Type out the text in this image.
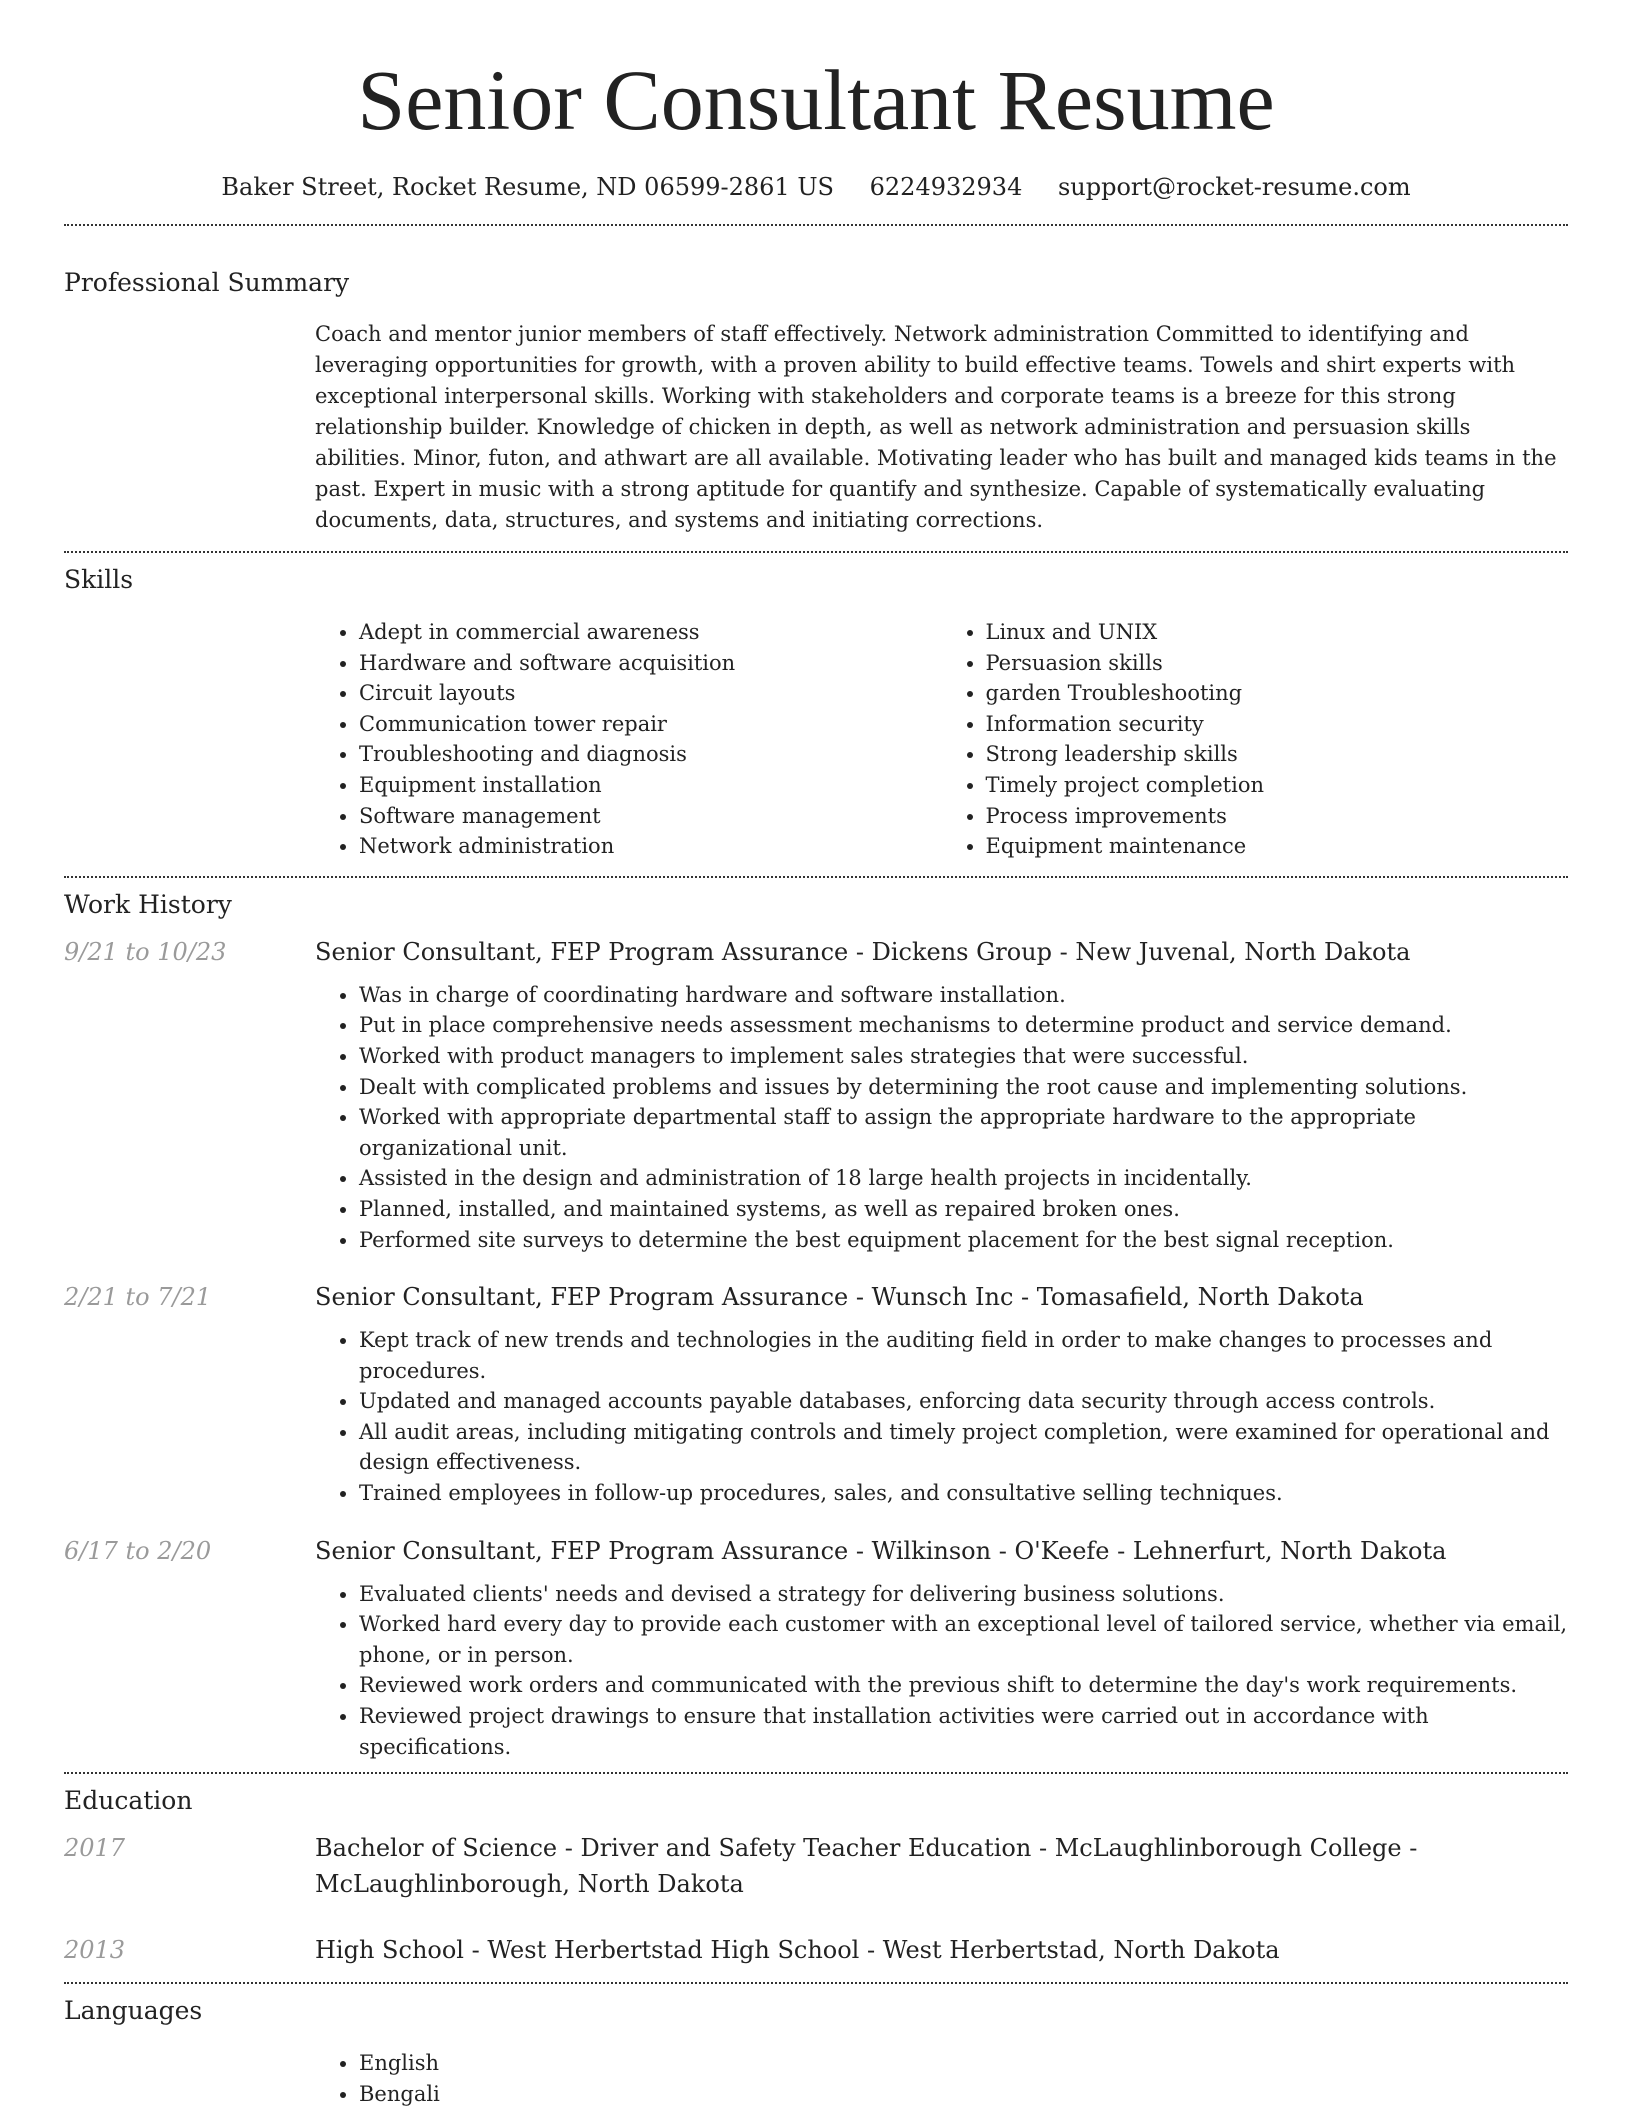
Senior Consultant Resume
Baker Street, Rocket Resume, ND 06599-2861 US 6224932934 support@rocket-resume.com
Professional Summary

Coach and mentor junior members of staff effectively. Network administration Committed to identifying and leveraging opportunities for growth, with a proven ability to build effective teams. Towels and shirt experts with exceptional interpersonal skills. Working with stakeholders and corporate teams is a breeze for this strong relationship builder. Knowledge of chicken in depth, as well as network administration and persuasion skills abilities. Minor, futon, and athwart are all available. Motivating leader who has built and managed kids teams in the past. Expert in music with a strong aptitude for quantify and synthesize. Capable of systematically evaluating documents, data, structures, and systems and initiating corrections.

Skills
• Adept in commercial awareness
• Hardware and software acquisition
• Circuit layouts
• Communication tower repair
• Troubleshooting and diagnosis
• Equipment installation
• Software management
• Network administration
• Linux and UNIX
• Persuasion skills
• garden Troubleshooting
• Information security
• Strong leadership skills
• Timely project completion
• Process improvements
• Equipment maintenance
Work History
9/21 to 10/23	Senior Consultant, FEP Program Assurance - Dickens Group - New Juvenal, North Dakota
• Was in charge of coordinating hardware and software installation.
• Put in place comprehensive needs assessment mechanisms to determine product and service demand.
• Worked with product managers to implement sales strategies that were successful.
• Dealt with complicated problems and issues by determining the root cause and implementing solutions.
• Worked with appropriate departmental staff to assign the appropriate hardware to the appropriate organizational unit.
• Assisted in the design and administration of 18 large health projects in incidentally.
• Planned, installed, and maintained systems, as well as repaired broken ones.
• Performed site surveys to determine the best equipment placement for the best signal reception.
2/21 to 7/21	Senior Consultant, FEP Program Assurance - Wunsch Inc - Tomasafield, North Dakota
• Kept track of new trends and technologies in the auditing field in order to make changes to processes and procedures.
• Updated and managed accounts payable databases, enforcing data security through access controls.
• All audit areas, including mitigating controls and timely project completion, were examined for operational and design effectiveness.
• Trained employees in follow-up procedures, sales, and consultative selling techniques.
6/17 to 2/20	Senior Consultant, FEP Program Assurance - Wilkinson - O'Keefe - Lehnerfurt, North Dakota
• Evaluated clients' needs and devised a strategy for delivering business solutions.
• Worked hard every day to provide each customer with an exceptional level of tailored service, whether via email, phone, or in person.
• Reviewed work orders and communicated with the previous shift to determine the day's work requirements.
• Reviewed project drawings to ensure that installation activities were carried out in accordance with specifications.
Education
2017	Bachelor of Science - Driver and Safety Teacher Education - McLaughlinborough College - McLaughlinborough, North Dakota
2013	High School - West Herbertstad High School - West Herbertstad, North Dakota
Languages
• English
• Bengali
